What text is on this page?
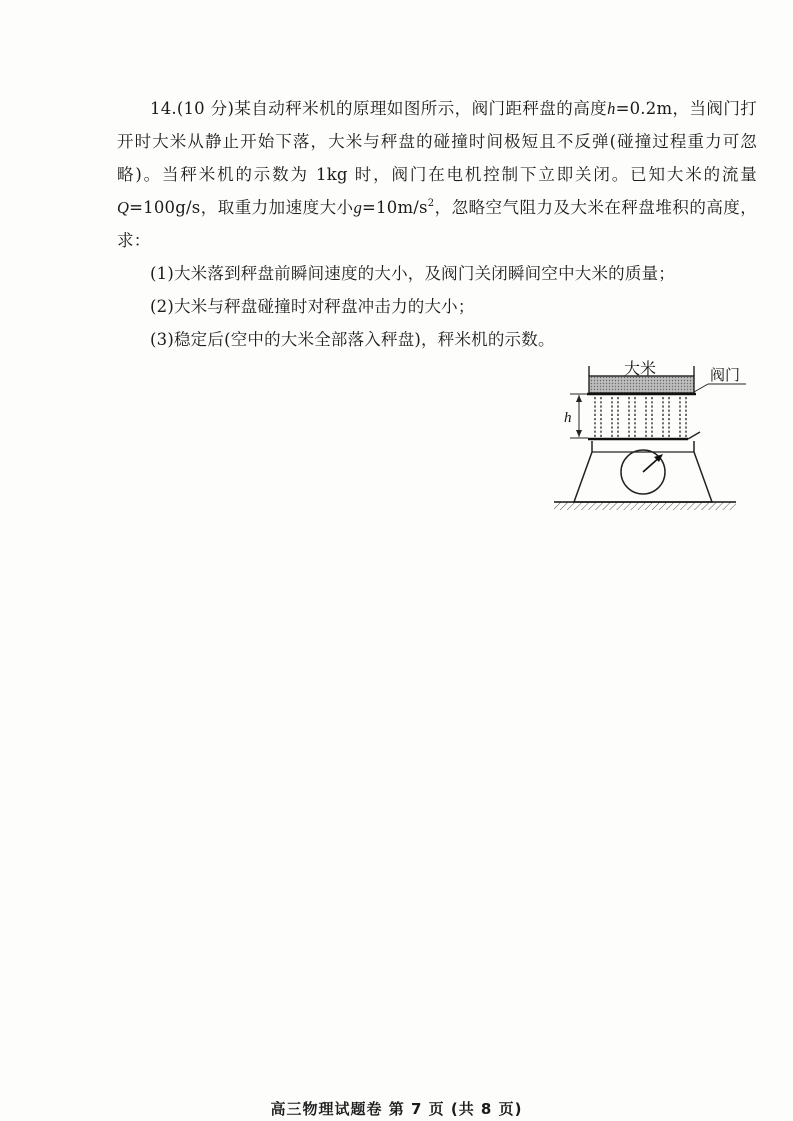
14.(10 分)某自动秤米机的原理如图所示，阀门距秤盘的高度h=0.2m，当阀门打开时大米从静止开始下落，大米与秤盘的碰撞时间极短且不反弹(碰撞过程重力可忽略)。当秤米机的示数为 1kg 时，阀门在电机控制下立即关闭。已知大米的流量Q=100g/s，取重力加速度大小$g=10m/s^2$，忽略空气阻力及大米在秤盘堆积的高度，求：

(1)大米落到秤盘前瞬间速度的大小，及阀门关闭瞬间空中大米的质量；

(2)大米与秤盘碰撞时对秤盘冲击力的大小；

(3)稳定后(空中的大米全部落入秤盘)，秤米机的示数。

大米	阀门
h
高三物理试题卷 第 7 页 (共 8 页)
